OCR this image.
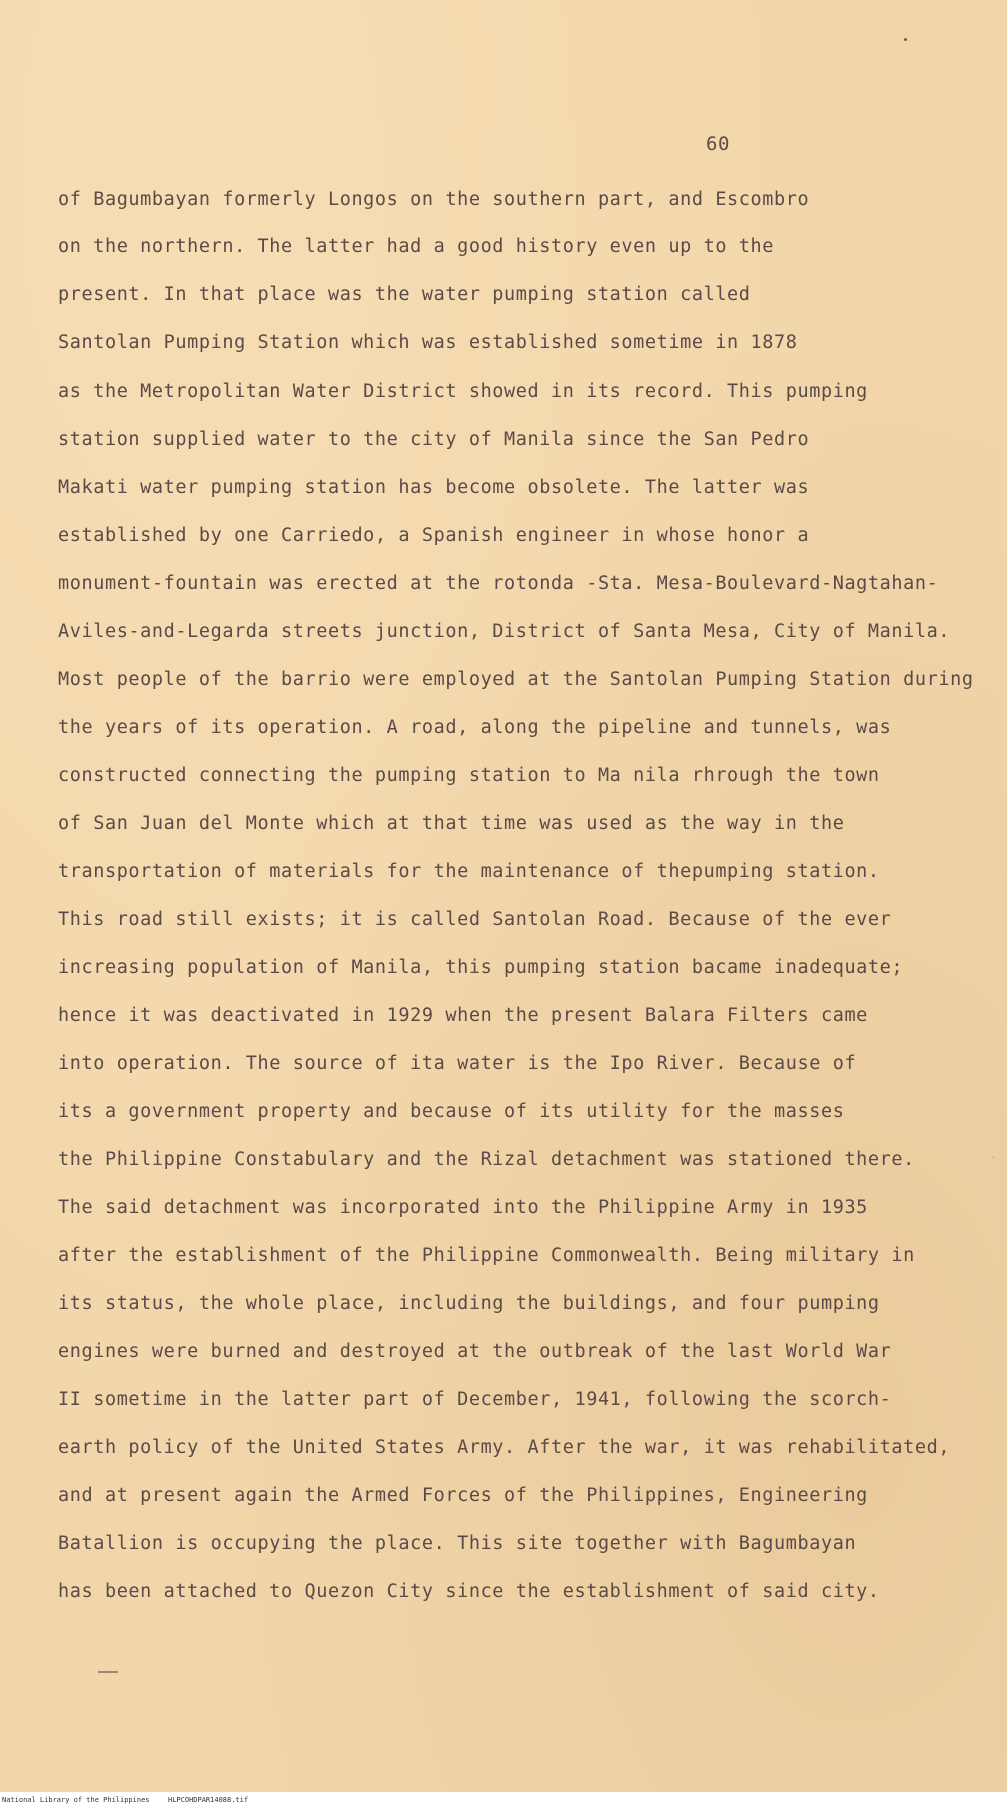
60

of Bagumbayan formerly Longos on the southern part, and Escombro

on the northern. The latter had a good history even up to the

present. In that place was the water pumping station called

Santolan Pumping Station which was established sometime in 1878

as the Metropolitan Water District showed in its record. This pumping

station supplied water to the city of Manila since the San Pedro

Makati water pumping station has become obsolete. The latter was

established by one Carriedo, a Spanish engineer in whose honor a

monument-fountain was erected at the rotonda -Sta. Mesa-Boulevard-Nagtahan-

Aviles-and-Legarda streets junction, District of Santa Mesa, City of Manila.

Most people of the barrio were employed at the Santolan Pumping Station during

the years of its operation. A road, along the pipeline and tunnels, was

constructed connecting the pumping station to Ma nila rhrough the town

of San Juan del Monte which at that time was used as the way in the

transportation of materials for the maintenance of thepumping station.

This road still exists; it is called Santolan Road. Because of the ever

increasing population of Manila, this pumping station bacame inadequate;

hence it was deactivated in 1929 when the present Balara Filters came

into operation. The source of ita water is the Ipo River. Because of

its a government property and because of its utility for the masses

the Philippine Constabulary and the Rizal detachment was stationed there.

The said detachment was incorporated into the Philippine Army in 1935

after the establishment of the Philippine Commonwealth. Being military in

its status, the whole place, including the buildings, and four pumping

engines were burned and destroyed at the outbreak of the last World War

II sometime in the latter part of December, 1941, following the scorch-

earth policy of the United States Army. After the war, it was rehabilitated,

and at present again the Armed Forces of the Philippines, Engineering

Batallion is occupying the place. This site together with Bagumbayan

has been attached to Quezon City since the establishment of said city.

˙
National Library of the Philippines	HLPCOHDPAR14088.tif
